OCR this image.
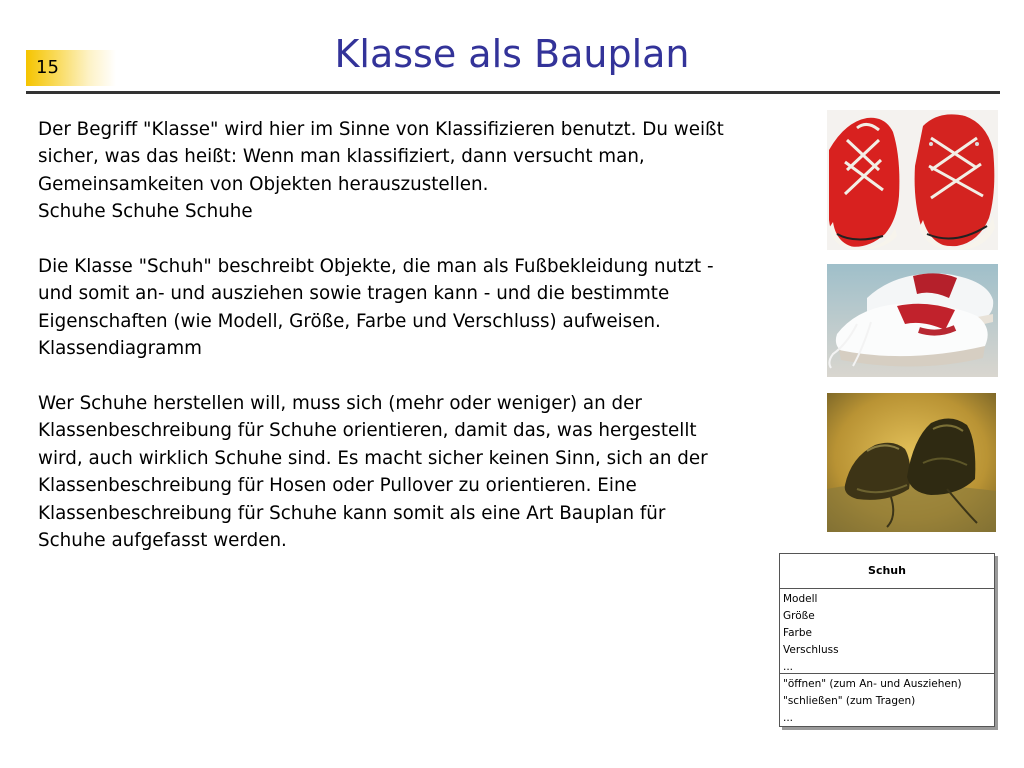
15	Klasse als Bauplan

Der Begriff "Klasse" wird hier im Sinne von Klassifizieren benutzt. Du weißt
sicher, was das heißt: Wenn man klassifiziert, dann versucht man,
Gemeinsamkeiten von Objekten herauszustellen.
Schuhe Schuhe Schuhe

Die Klasse "Schuh" beschreibt Objekte, die man als Fußbekleidung nutzt -
und somit an- und ausziehen sowie tragen kann - und die bestimmte
Eigenschaften (wie Modell, Größe, Farbe und Verschluss) aufweisen.
Klassendiagramm

Wer Schuhe herstellen will, muss sich (mehr oder weniger) an der
Klassenbeschreibung für Schuhe orientieren, damit das, was hergestellt
wird, auch wirklich Schuhe sind. Es macht sicher keinen Sinn, sich an der
Klassenbeschreibung für Hosen oder Pullover zu orientieren. Eine
Klassenbeschreibung für Schuhe kann somit als eine Art Bauplan für
Schuhe aufgefasst werden.

Schuh
Modell
Größe
Farbe
Verschluss
...
"öffnen" (zum An- und Ausziehen)
"schließen" (zum Tragen)
...
